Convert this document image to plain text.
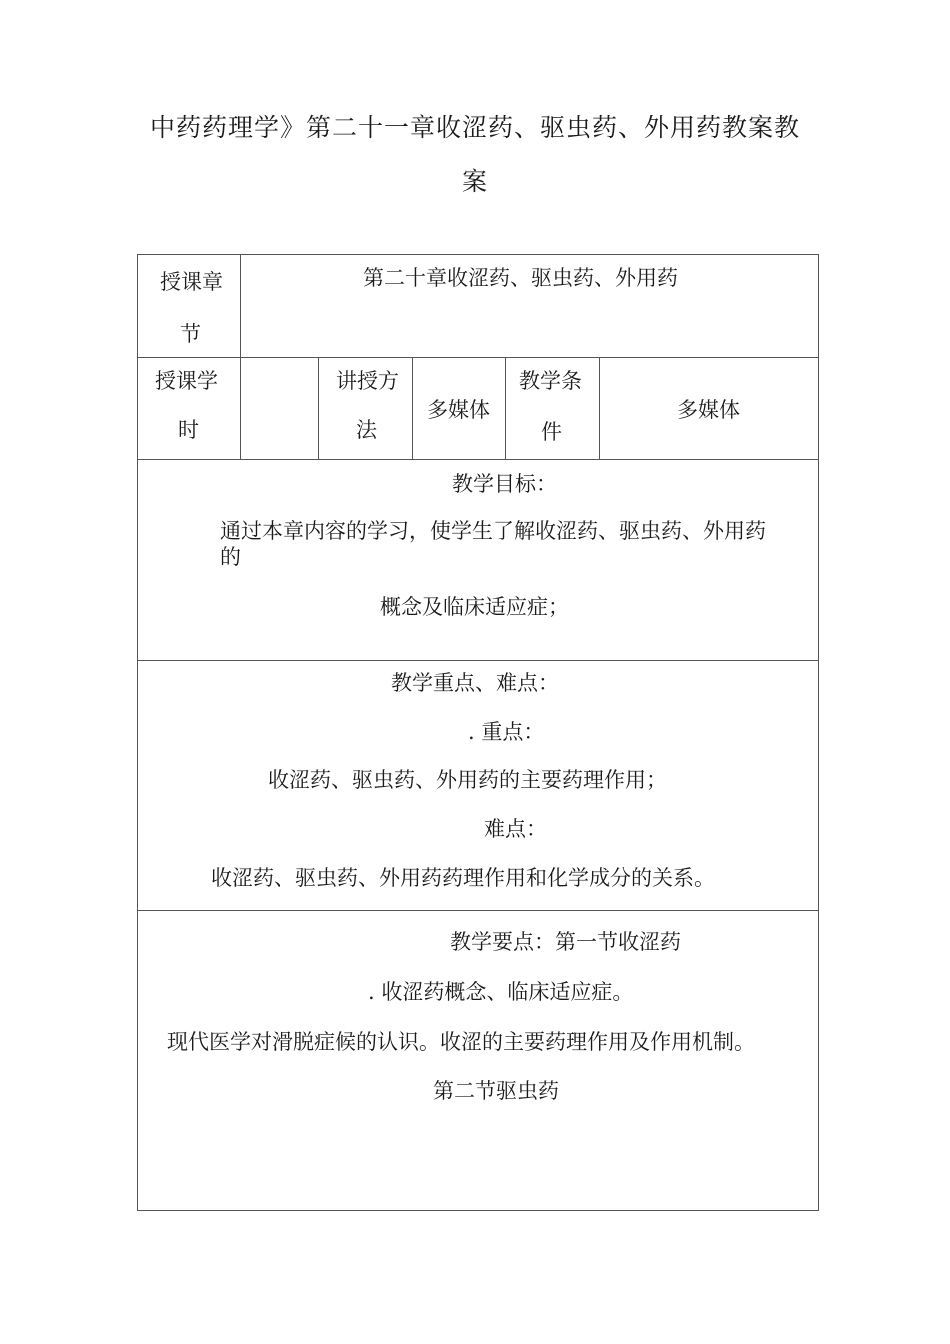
中药药理学》第二十一章收涩药、驱虫药、外用药教案教
案
授课章
节
第二十章收涩药、驱虫药、外用药
授课学
时
讲授方
法
多媒体
教学条
件
多媒体
教学目标：
通过本章内容的学习，使学生了解收涩药、驱虫药、外用药
的
概念及临床适应症；
教学重点、难点：
. 重点：
收涩药、驱虫药、外用药的主要药理作用；
难点：
收涩药、驱虫药、外用药药理作用和化学成分的关系。
教学要点：第一节收涩药
. 收涩药概念、临床适应症。
现代医学对滑脱症候的认识。收涩的主要药理作用及作用机制。
第二节驱虫药
